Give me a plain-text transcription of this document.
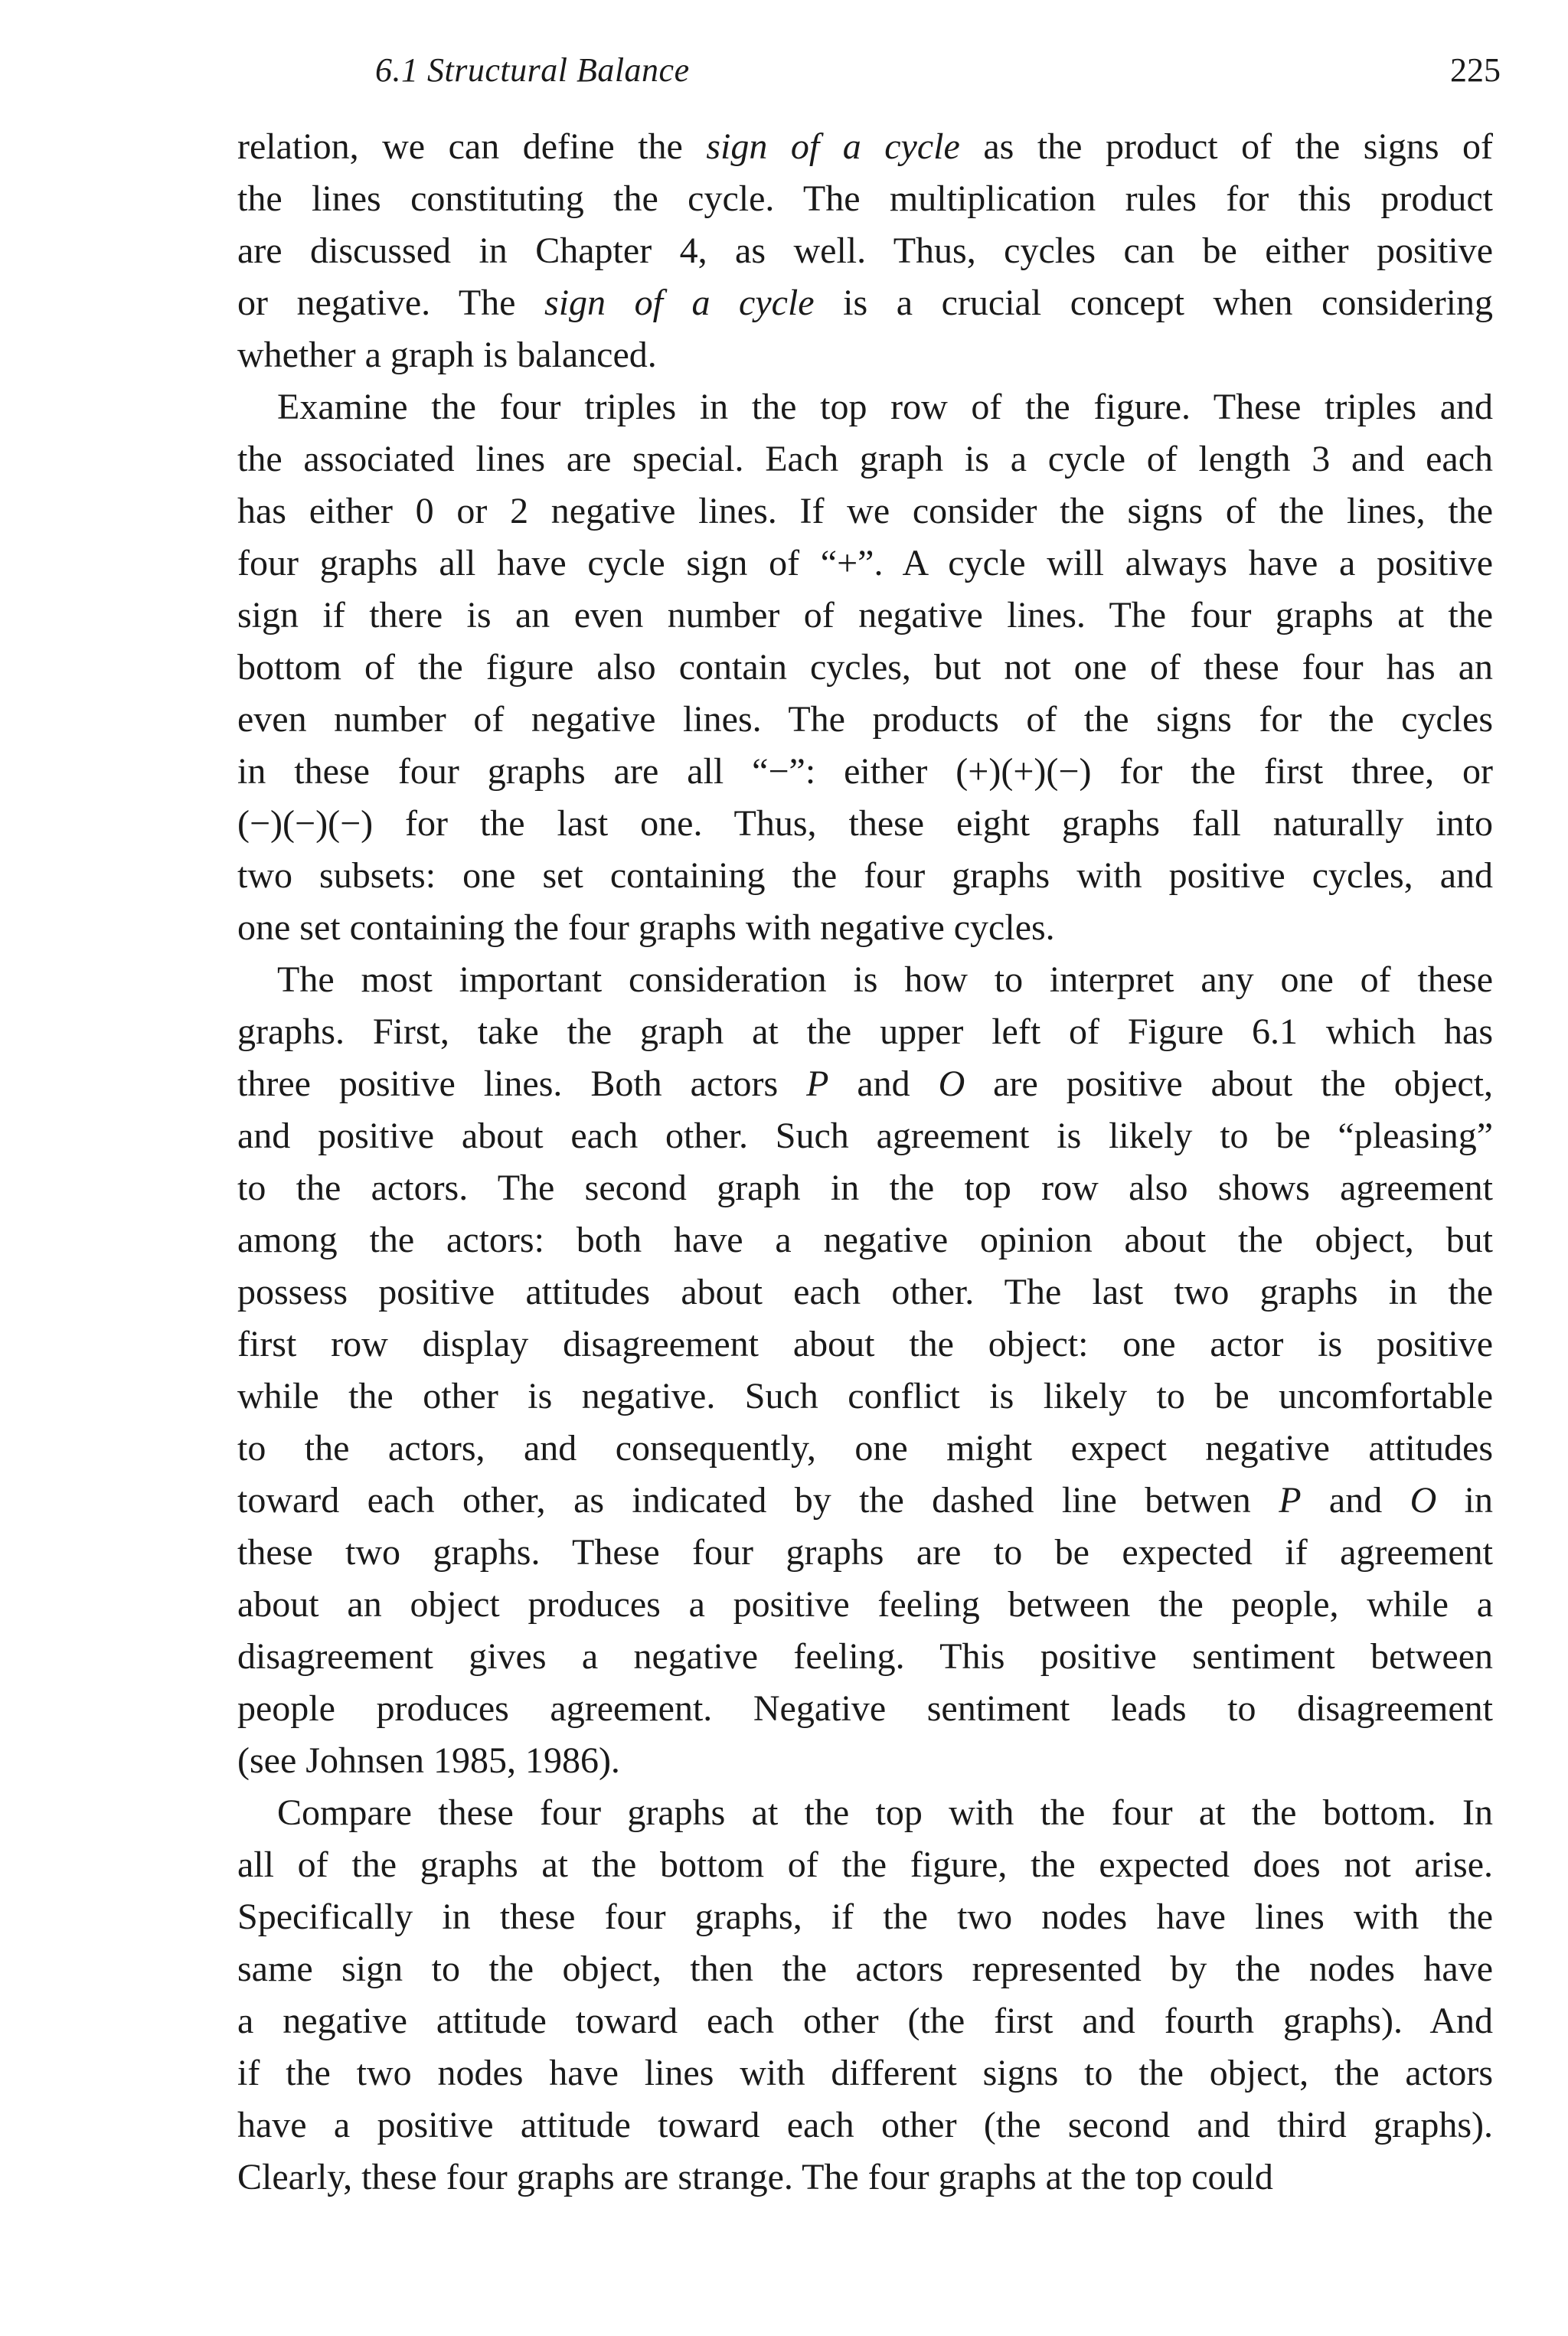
6.1 Structural Balance	225
relation, we can define the sign of a cycle as the product of the signs of
the lines constituting the cycle. The multiplication rules for this product
are discussed in Chapter 4, as well. Thus, cycles can be either positive
or negative. The sign of a cycle is a crucial concept when considering
whether a graph is balanced.
Examine the four triples in the top row of the figure. These triples and
the associated lines are special. Each graph is a cycle of length 3 and each
has either 0 or 2 negative lines. If we consider the signs of the lines, the
four graphs all have cycle sign of “+”. A cycle will always have a positive
sign if there is an even number of negative lines. The four graphs at the
bottom of the figure also contain cycles, but not one of these four has an
even number of negative lines. The products of the signs for the cycles
in these four graphs are all “−”: either (+)(+)(−) for the first three, or
(−)(−)(−) for the last one. Thus, these eight graphs fall naturally into
two subsets: one set containing the four graphs with positive cycles, and
one set containing the four graphs with negative cycles.
The most important consideration is how to interpret any one of these
graphs. First, take the graph at the upper left of Figure 6.1 which has
three positive lines. Both actors P and O are positive about the object,
and positive about each other. Such agreement is likely to be “pleasing”
to the actors. The second graph in the top row also shows agreement
among the actors: both have a negative opinion about the object, but
possess positive attitudes about each other. The last two graphs in the
first row display disagreement about the object: one actor is positive
while the other is negative. Such conflict is likely to be uncomfortable
to the actors, and consequently, one might expect negative attitudes
toward each other, as indicated by the dashed line betwen P and O in
these two graphs. These four graphs are to be expected if agreement
about an object produces a positive feeling between the people, while a
disagreement gives a negative feeling. This positive sentiment between
people produces agreement. Negative sentiment leads to disagreement
(see Johnsen 1985, 1986).
Compare these four graphs at the top with the four at the bottom. In
all of the graphs at the bottom of the figure, the expected does not arise.
Specifically in these four graphs, if the two nodes have lines with the
same sign to the object, then the actors represented by the nodes have
a negative attitude toward each other (the first and fourth graphs). And
if the two nodes have lines with different signs to the object, the actors
have a positive attitude toward each other (the second and third graphs).
Clearly, these four graphs are strange. The four graphs at the top could
